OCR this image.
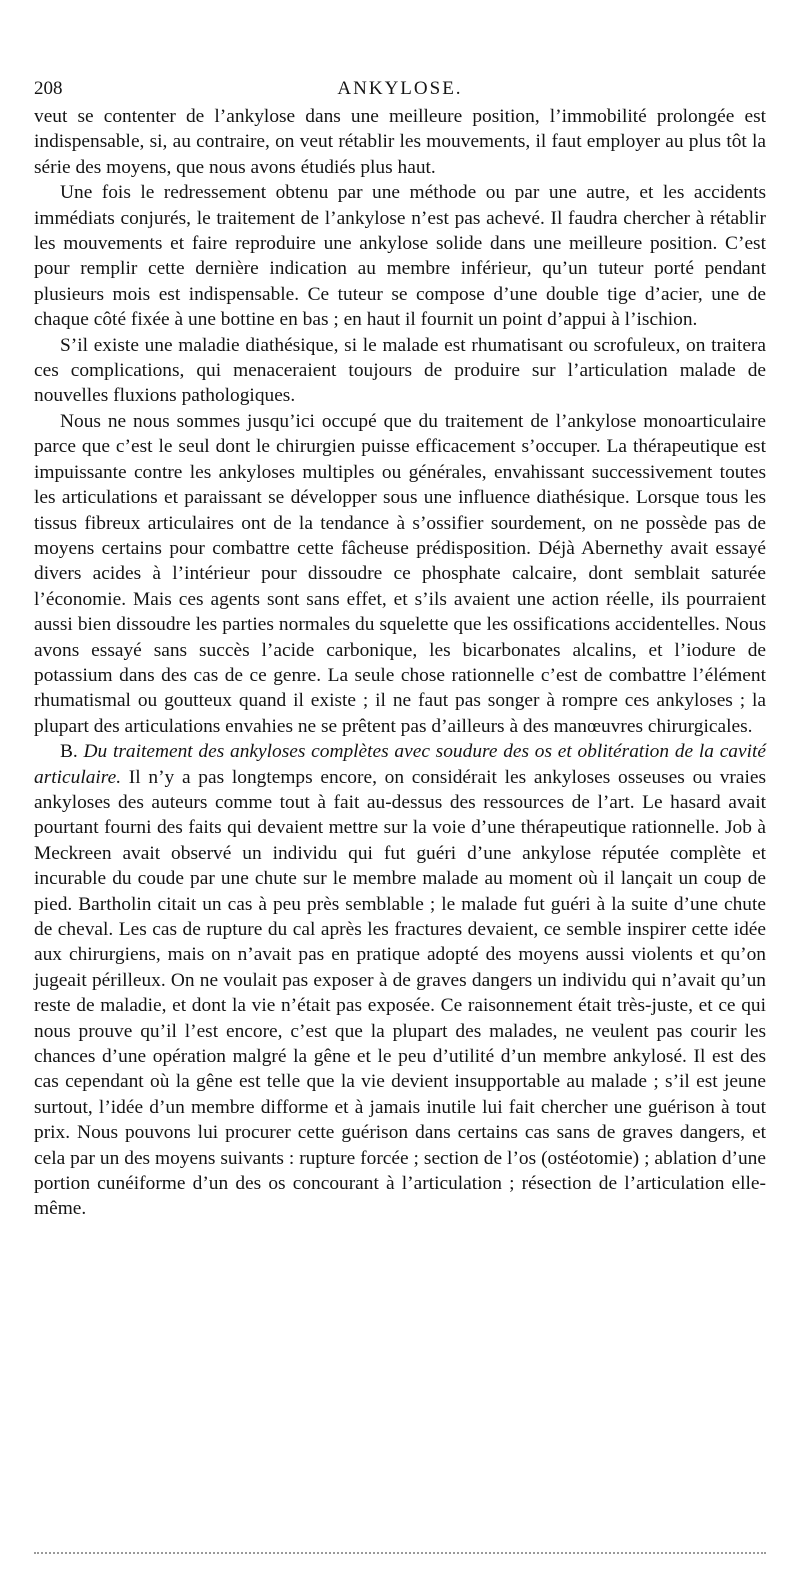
208	ANKYLOSE.

veut se contenter de l’ankylose dans une meilleure position, l’immobilité prolongée est indispensable, si, au contraire, on veut rétablir les mouvements, il faut employer au plus tôt la série des moyens, que nous avons étudiés plus haut.

Une fois le redressement obtenu par une méthode ou par une autre, et les accidents immédiats conjurés, le traitement de l’ankylose n’est pas achevé. Il faudra chercher à rétablir les mouvements et faire reproduire une ankylose solide dans une meilleure position. C’est pour remplir cette dernière indication au membre inférieur, qu’un tuteur porté pendant plusieurs mois est indispensable. Ce tuteur se compose d’une double tige d’acier, une de chaque côté fixée à une bottine en bas ; en haut il fournit un point d’appui à l’ischion.

S’il existe une maladie diathésique, si le malade est rhumatisant ou scrofuleux, on traitera ces complications, qui menaceraient toujours de produire sur l’articulation malade de nouvelles fluxions pathologiques.

Nous ne nous sommes jusqu’ici occupé que du traitement de l’ankylose monoarticulaire parce que c’est le seul dont le chirurgien puisse efficacement s’occuper. La thérapeutique est impuissante contre les ankyloses multiples ou générales, envahissant successivement toutes les articulations et paraissant se développer sous une influence diathésique. Lorsque tous les tissus fibreux articulaires ont de la tendance à s’ossifier sourdement, on ne possède pas de moyens certains pour combattre cette fâcheuse prédisposition. Déjà Abernethy avait essayé divers acides à l’intérieur pour dissoudre ce phosphate calcaire, dont semblait saturée l’économie. Mais ces agents sont sans effet, et s’ils avaient une action réelle, ils pourraient aussi bien dissoudre les parties normales du squelette que les ossifications accidentelles. Nous avons essayé sans succès l’acide carbonique, les bicarbonates alcalins, et l’iodure de potassium dans des cas de ce genre. La seule chose rationnelle c’est de combattre l’élément rhumatismal ou goutteux quand il existe ; il ne faut pas songer à rompre ces ankyloses ; la plupart des articulations envahies ne se prêtent pas d’ailleurs à des manœuvres chirurgicales.

B. Du traitement des ankyloses complètes avec soudure des os et oblitération de la cavité articulaire. Il n’y a pas longtemps encore, on considérait les ankyloses osseuses ou vraies ankyloses des auteurs comme tout à fait au-dessus des ressources de l’art. Le hasard avait pourtant fourni des faits qui devaient mettre sur la voie d’une thérapeutique rationnelle. Job à Meckreen avait observé un individu qui fut guéri d’une ankylose réputée complète et incurable du coude par une chute sur le membre malade au moment où il lançait un coup de pied. Bartholin citait un cas à peu près semblable ; le malade fut guéri à la suite d’une chute de cheval. Les cas de rupture du cal après les fractures devaient, ce semble inspirer cette idée aux chirurgiens, mais on n’avait pas en pratique adopté des moyens aussi violents et qu’on jugeait périlleux. On ne voulait pas exposer à de graves dangers un individu qui n’avait qu’un reste de maladie, et dont la vie n’était pas exposée. Ce raisonnement était très-juste, et ce qui nous prouve qu’il l’est encore, c’est que la plupart des malades, ne veulent pas courir les chances d’une opération malgré la gêne et le peu d’utilité d’un membre ankylosé. Il est des cas cependant où la gêne est telle que la vie devient insupportable au malade ; s’il est jeune surtout, l’idée d’un membre difforme et à jamais inutile lui fait chercher une guérison à tout prix. Nous pouvons lui procurer cette guérison dans certains cas sans de graves dangers, et cela par un des moyens suivants : rupture forcée ; section de l’os (ostéotomie) ; ablation d’une portion cunéiforme d’un des os concourant à l’articulation ; résection de l’articulation elle-même.
